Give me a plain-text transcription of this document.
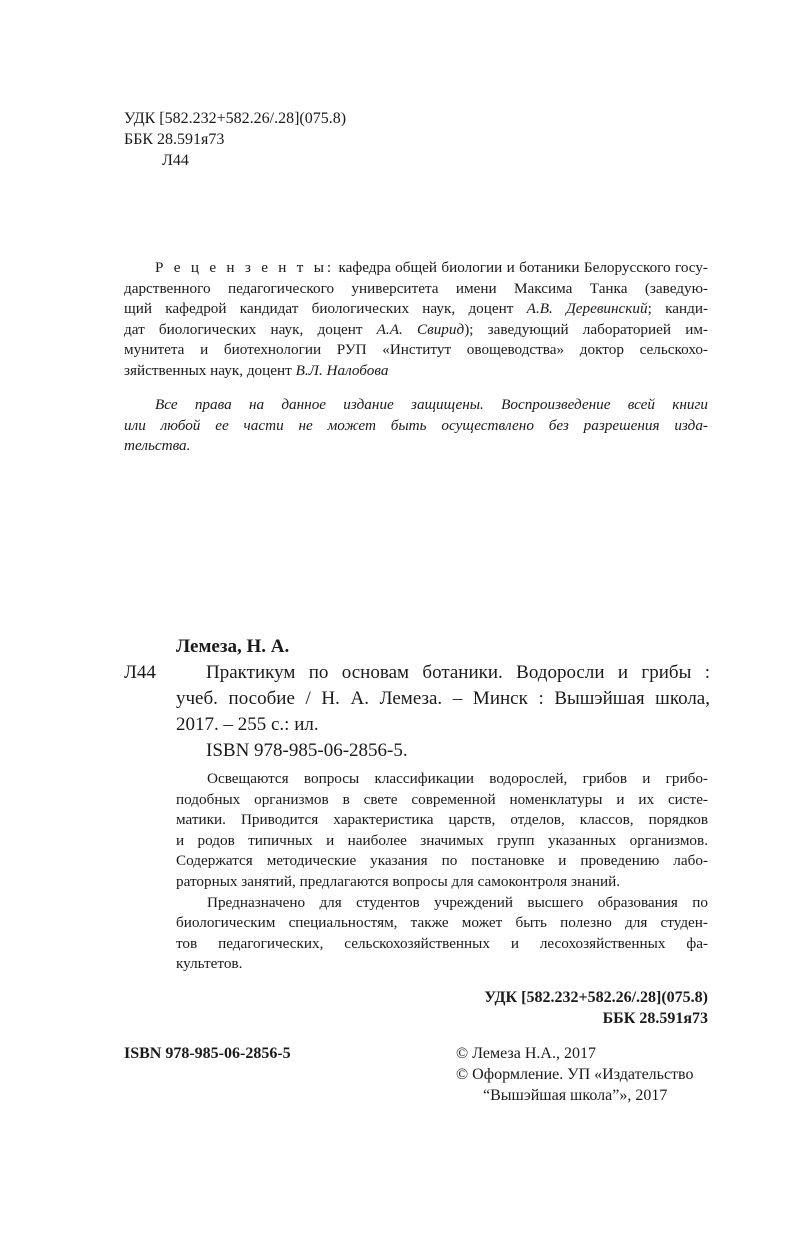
УДК [582.232+582.26/.28](075.8)
ББК 28.591я73
Л44
Р е ц е н з е н т ы: кафедра общей биологии и ботаники Белорусского госу-
дарственного педагогического университета имени Максима Танка (заведую-
щий кафедрой кандидат биологических наук, доцент А.В. Деревинский; канди-
дат биологических наук, доцент А.А. Свирид); заведующий лабораторией им-
мунитета и биотехнологии РУП «Институт овощеводства» доктор сельскохо-
зяйственных наук, доцент В.Л. Налобова
Все права на данное издание защищены. Воспроизведение всей книги
или любой ее части не может быть осуществлено без разрешения изда-
тельства.
Лемеза, Н. А.
Л44	Практикум по основам ботаники. Водоросли и грибы :
учеб. пособие / Н. А. Лемеза. – Минск : Вышэйшая школа,
2017. – 255 с.: ил.
ISBN 978-985-06-2856-5.
Освещаются вопросы классификации водорослей, грибов и грибо-
подобных организмов в свете современной номенклатуры и их систе-
матики. Приводится характеристика царств, отделов, классов, порядков
и родов типичных и наиболее значимых групп указанных организмов.
Содержатся методические указания по постановке и проведению лабо-
раторных занятий, предлагаются вопросы для самоконтроля знаний.
Предназначено для студентов учреждений высшего образования по
биологическим специальностям, также может быть полезно для студен-
тов педагогических, сельскохозяйственных и лесохозяйственных фа-
культетов.
УДК [582.232+582.26/.28](075.8)
ББК 28.591я73
ISBN 978-985-06-2856-5	© Лемеза Н.А., 2017
© Оформление. УП «Издательство
“Вышэйшая школа”», 2017
